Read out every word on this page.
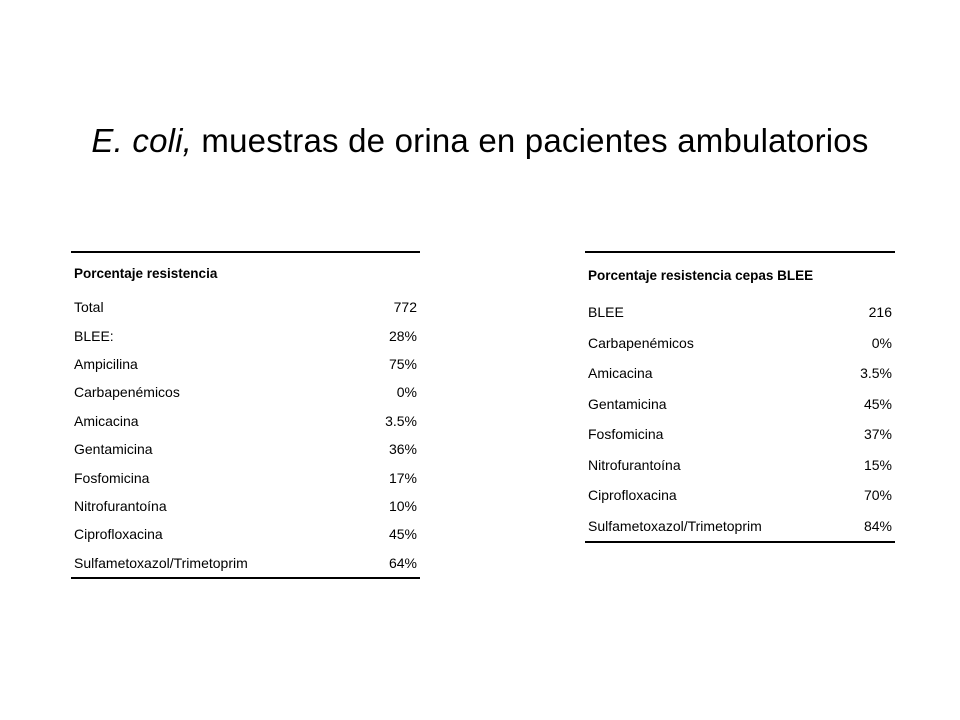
E. coli, muestras de orina en pacientes ambulatorios
Porcentaje resistencia	
Total	772
BLEE:	28%
Ampicilina	75%
Carbapenémicos	0%
Amicacina	3.5%
Gentamicina	36%
Fosfomicina	17%
Nitrofurantoína	10%
Ciprofloxacina	45%
Sulfametoxazol/Trimetoprim	64%
Porcentaje resistencia cepas BLEE	
BLEE	216
Carbapenémicos	0%
Amicacina	3.5%
Gentamicina	45%
Fosfomicina	37%
Nitrofurantoína	15%
Ciprofloxacina	70%
Sulfametoxazol/Trimetoprim	84%
